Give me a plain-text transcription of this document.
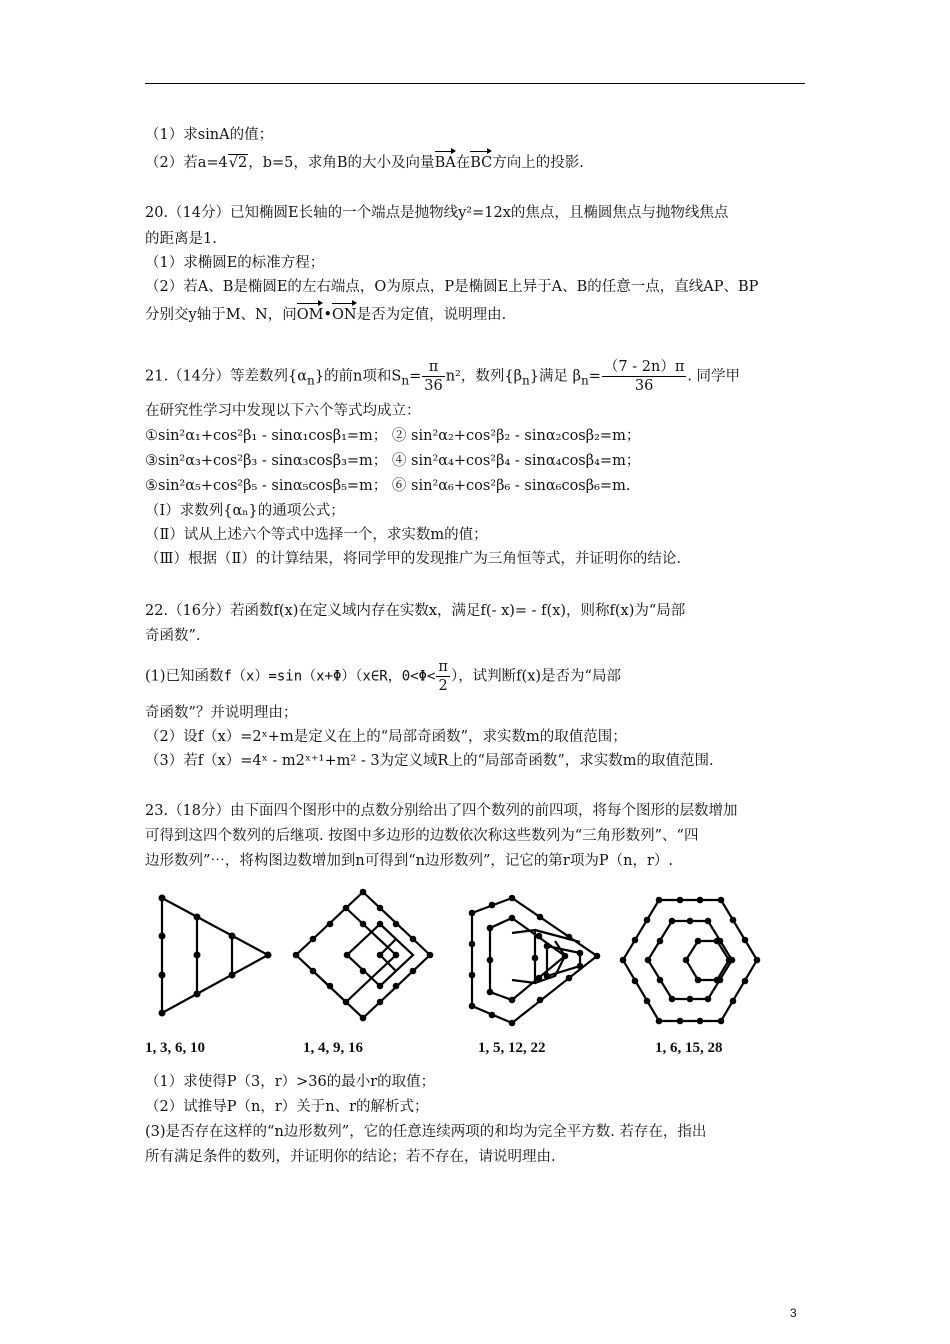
（1）求sinA的值；
（2）若a=4√2，b=5，求角B的大小及向量BA在BC方向上的投影.
20.（14分）已知椭圆E长轴的一个端点是抛物线y²=12x的焦点，且椭圆焦点与抛物线焦点
的距离是1.
（1）求椭圆E的标准方程；
（2）若A、B是椭圆E的左右端点，O为原点，P是椭圆E上异于A、B的任意一点，直线AP、BP
分别交y轴于M、N，问OM•ON是否为定值，说明理由.
21.（14分）等差数列$\{\alpha_n\}$的前n项和$S_n= \frac{\pi}{36} n^2$，数列$\{\beta_n\}$满足 $\beta_n= \frac{(7 - 2n)\pi}{36}$ . 同学甲
在研究性学习中发现以下六个等式均成立：
①sin²α₁+cos²β₁ - sinα₁cosβ₁=m； ② sin²α₂+cos²β₂ - sinα₂cosβ₂=m；
③sin²α₃+cos²β₃ - sinα₃cosβ₃=m； ④ sin²α₄+cos²β₄ - sinα₄cosβ₄=m；
⑤sin²α₅+cos²β₅ - sinα₅cosβ₅=m； ⑥ sin²α₆+cos²β₆ - sinα₆cosβ₆=m.
（Ⅰ）求数列{αₙ}的通项公式；
（Ⅱ）试从上述六个等式中选择一个，求实数m的值；
（Ⅲ）根据（Ⅱ）的计算结果，将同学甲的发现推广为三角恒等式，并证明你的结论.
22.（16分）若函数f(x)在定义域内存在实数x，满足f(- x)= - f(x)，则称f(x)为“局部
奇函数”.
(1)已知函数f（x）=sin（x+Φ）（x∈R，$0<\Phi< \frac{\pi}{2}$ ），试判断f(x)是否为“局部
奇函数”？并说明理由；
（2）设f（x）=2ˣ+m是定义在上的“局部奇函数”，求实数m的取值范围；
（3）若f（x）=4ˣ - m2ˣ⁺¹+m² - 3为定义域R上的“局部奇函数”，求实数m的取值范围.
23.（18分）由下面四个图形中的点数分别给出了四个数列的前四项，将每个图形的层数增加
可得到这四个数列的后继项. 按图中多边形的边数依次称这些数列为“三角形数列”、“四
边形数列”⋯，将构图边数增加到n可得到“n边形数列”，记它的第r项为P（n，r）.
1, 3, 6, 10	1, 4, 9, 16	1, 5, 12, 22	1, 6, 15, 28
（1）求使得P（3，r）>36的最小r的取值；
（2）试推导P（n，r）关于n、r的解析式；
(3)是否存在这样的“n边形数列”，它的任意连续两项的和均为完全平方数. 若存在，指出
所有满足条件的数列，并证明你的结论；若不存在，请说明理由.
3
